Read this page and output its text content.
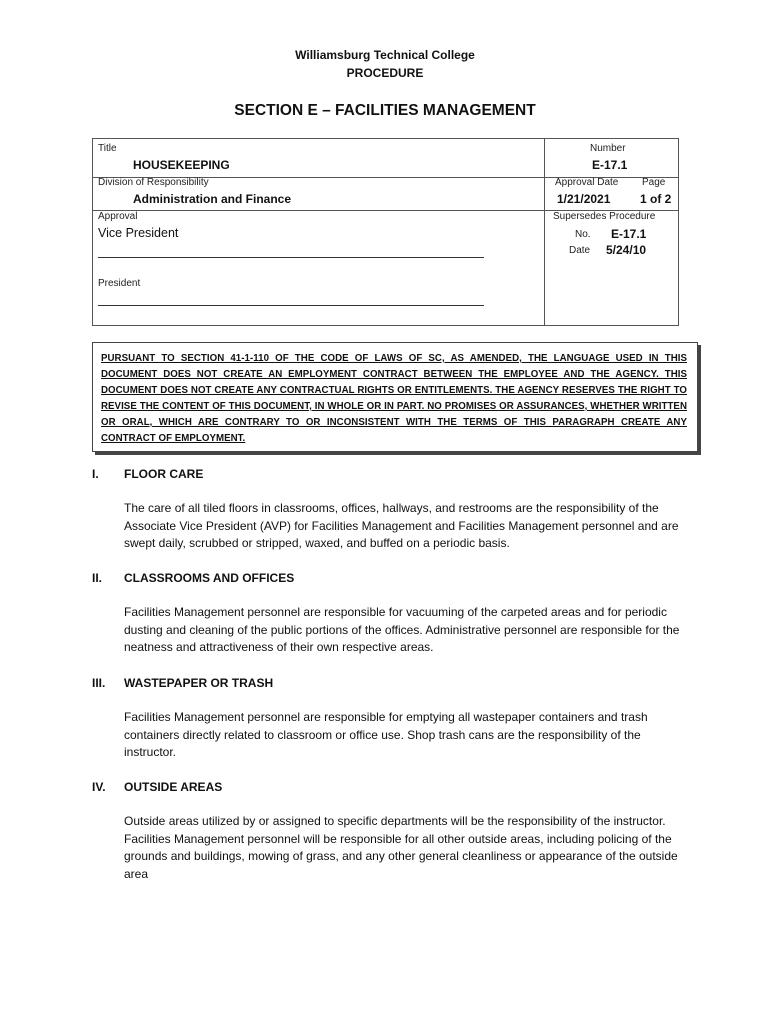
Williamsburg Technical College
PROCEDURE
SECTION E – FACILITIES MANAGEMENT
Title
HOUSEKEEPING
Division of Responsibility
Administration and Finance
Approval
Vice President
President
Number
E-17.1
Approval Date Page
1/21/2021 1 of 2
Supersedes Procedure
No. E-17.1
Date 5/24/10
PURSUANT TO SECTION 41-1-110 OF THE CODE OF LAWS OF SC, AS AMENDED, THE LANGUAGE USED IN THIS DOCUMENT DOES NOT CREATE AN EMPLOYMENT CONTRACT BETWEEN THE EMPLOYEE AND THE AGENCY. THIS DOCUMENT DOES NOT CREATE ANY CONTRACTUAL RIGHTS OR ENTITLEMENTS. THE AGENCY RESERVES THE RIGHT TO REVISE THE CONTENT OF THIS DOCUMENT, IN WHOLE OR IN PART. NO PROMISES OR ASSURANCES, WHETHER WRITTEN OR ORAL, WHICH ARE CONTRARY TO OR INCONSISTENT WITH THE TERMS OF THIS PARAGRAPH CREATE ANY CONTRACT OF EMPLOYMENT.
I. FLOOR CARE
The care of all tiled floors in classrooms, offices, hallways, and restrooms are the responsibility of the Associate Vice President (AVP) for Facilities Management and Facilities Management personnel and are swept daily, scrubbed or stripped, waxed, and buffed on a periodic basis.
II. CLASSROOMS AND OFFICES
Facilities Management personnel are responsible for vacuuming of the carpeted areas and for periodic dusting and cleaning of the public portions of the offices. Administrative personnel are responsible for the neatness and attractiveness of their own respective areas.
III. WASTEPAPER OR TRASH
Facilities Management personnel are responsible for emptying all wastepaper containers and trash containers directly related to classroom or office use. Shop trash cans are the responsibility of the instructor.
IV. OUTSIDE AREAS
Outside areas utilized by or assigned to specific departments will be the responsibility of the instructor. Facilities Management personnel will be responsible for all other outside areas, including policing of the grounds and buildings, mowing of grass, and any other general cleanliness or appearance of the outside area
